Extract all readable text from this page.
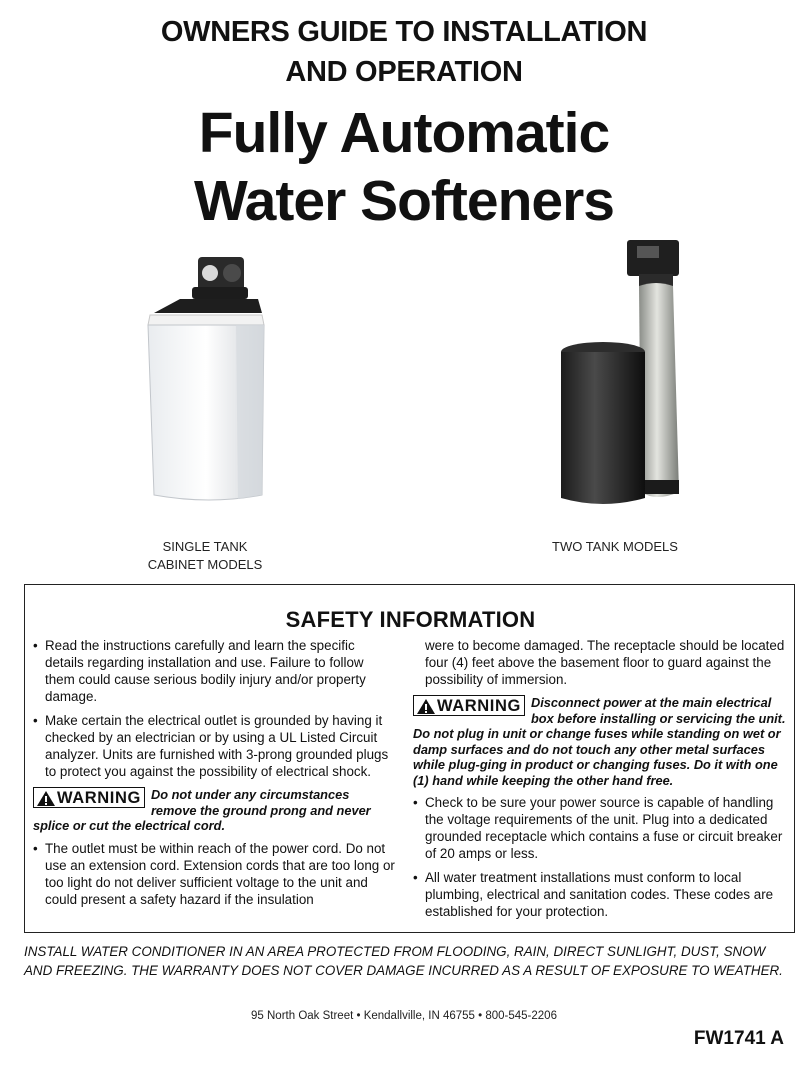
OWNERS GUIDE TO INSTALLATION
AND OPERATION
Fully Automatic
Water Softeners
SINGLE TANK
CABINET MODELS
TWO TANK MODELS
SAFETY INFORMATION
• Read the instructions carefully and learn the specific details regarding installation and use. Failure to follow them could cause serious bodily injury and/or property damage.
• Make certain the electrical outlet is grounded by having it checked by an electrician or by using a UL Listed Circuit analyzer. Units are furnished with 3-prong grounded plugs to protect you against the possibility of electrical shock.
WARNING Do not under any circumstances remove the ground prong and never splice or cut the electrical cord.
• The outlet must be within reach of the power cord. Do not use an extension cord. Extension cords that are too long or too light do not deliver sufficient voltage to the unit and could present a safety hazard if the insulation
were to become damaged. The receptacle should be located four (4) feet above the basement floor to guard against the possibility of immersion.
WARNING Disconnect power at the main electrical box before installing or servicing the unit. Do not plug in unit or change fuses while standing on wet or damp surfaces and do not touch any other metal surfaces while plug-ging in product or changing fuses. Do it with one (1) hand while keeping the other hand free.
• Check to be sure your power source is capable of handling the voltage requirements of the unit. Plug into a dedicated grounded receptacle which contains a fuse or circuit breaker of 20 amps or less.
• All water treatment installations must conform to local plumbing, electrical and sanitation codes. These codes are established for your protection.
INSTALL WATER CONDITIONER IN AN AREA PROTECTED FROM FLOODING, RAIN, DIRECT SUNLIGHT, DUST, SNOW AND FREEZING. THE WARRANTY DOES NOT COVER DAMAGE INCURRED AS A RESULT OF EXPOSURE TO WEATHER.
95 North Oak Street • Kendallville, IN 46755 • 800-545-2206
FW1741 A
